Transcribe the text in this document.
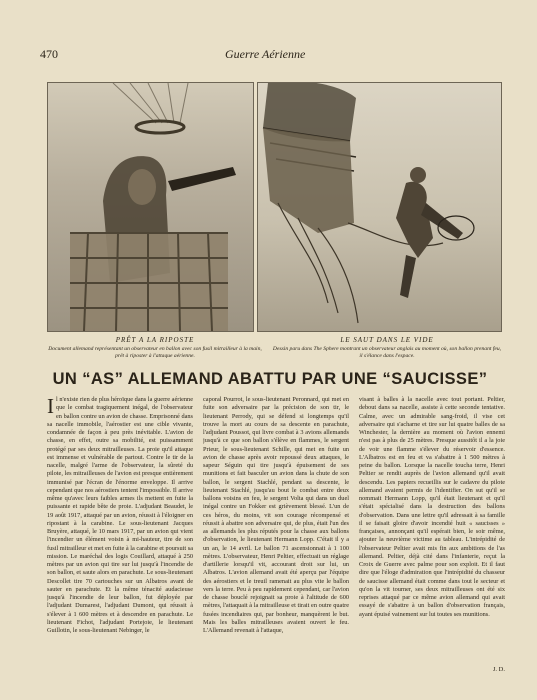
470	Guerre Aérienne
PRÊT A LA RIPOSTE
Document allemand représentant un observateur en ballon avec son fusil mitrailleur à la main, prêt à riposter à l'attaque aérienne.
LE SAUT DANS LE VIDE
Dessin paru dans The Sphere montrant un observateur anglais au moment où, son ballon prenant feu, il s'élance dans l'espace.
UN “AS” ALLEMAND ABATTU PAR UNE “SAUCISSE”
I l n'existe rien de plus héroïque dans la guerre aérienne que le combat tragiquement inégal, de l'observateur en ballon contre un avion de chasse. Emprisonné dans sa nacelle immobile, l'aérostier est une cible vivante, condamnée de façon à peu près inévitable. L'avion de chasse, en effet, outre sa mobilité, est puissamment protégé par ses deux mitrailleuses. La proie qu'il attaque est immense et vulnérable de partout. Contre le tir de la nacelle, malgré l'arme de l'observateur, la sûreté du pilote, les mitrailleuses de l'avion est presque entièrement immunisé par l'écran de l'énorme enveloppe. Il arrive cependant que nos aérostiers tentent l'impossible. Il arrive même qu'avec leurs faibles armes ils mettent en fuite la puissante et rapide bête de proie. L'adjudant Beaudet, le 19 août 1917, attaqué par un avion, réussit à l'éloigner en ripostant à la carabine. Le sous-lieutenant Jacques Bruyère, attaqué, le 10 mars 1917, par un avion qui vient l'incendier un élément voisin à mi-hauteur, tire de son fusil mitrailleur et met en fuite à la carabine et poursuit sa mission. Le maréchal des logis Couillard, attaqué à 250 mètres par un avion qui tire sur lui jusqu'à l'incendie de son ballon, et saute alors en parachute. Le sous-lieutenant Descollet tire 70 cartouches sur un Albatros avant de sauter en parachute. Et la même ténacité audacieuse jusqu'à l'incendie de leur ballon, fut déployée par l'adjudant Dumarest, l'adjudant Dumont, qui réussit à s'élever à 1 600 mètres et à descendre en parachute. Le lieutenant Fichot, l'adjudant Portejoie, le lieutenant Guillotin, le sous-lieutenant Nebinger, le
caporal Pourrot, le sous-lieutenant Peronnard, qui met en fuite son adversaire par la précision de son tir, le lieutenant Perrody, qui se défend si longtemps qu'il trouve la mort au cours de sa descente en parachute, l'adjudant Poussot, qui livre combat à 3 avions allemands jusqu'à ce que son ballon s'élève en flammes, le sergent Prieur, le sous-lieutenant Schille, qui met en fuite un avion de chasse après avoir repoussé deux attaques, le sapeur Séguin qui tire jusqu'à épuisement de ses munitions et fait basculer un avion dans la chute de son ballon, le sergent Stachlé, pendant sa descente, le lieutenant Stachlé, jusqu'au bout le combat entre deux ballons voisins en feu, le sergent Volta qui dans un duel inégal contre un Fokker est grièvement blessé. L'un de ces héros, du moins, vit son courage récompensé et réussit à abattre son adversaire qui, de plus, était l'un des as allemands les plus réputés pour la chasse aux ballons d'observation, le lieutenant Hermann Lopp. C'était il y a un an, le 14 avril. Le ballon 71 ascensionnait à 1 100 mètres. L'observateur, Henri Peltier, effectuait un réglage d'artillerie lorsqu'il vit, accourant droit sur lui, un Albatros. L'avion allemand avait été aperçu par l'équipe des aérostiers et le treuil ramenait au plus vite le ballon vers la terre. Peu à peu rapidement cependant, car l'avion de chasse bouclé rejoignait sa proie à l'altitude de 600 mètres, l'attaquait à la mitrailleuse et tirait en outre quatre fusées incendiaires qui, par bonheur, manquèrent le but. Mais les balles mitrailleuses avaient ouvert le feu. L'Allemand revenait à l'attaque,
visant à balles à la nacelle avec tout portant. Peltier, debout dans sa nacelle, assiste à cette seconde tentative. Calme, avec un admirable sang-froid, il vise cet adversaire qui s'acharne et tire sur lui quatre balles de sa Winchester, la dernière au moment où l'avion ennemi n'est pas à plus de 25 mètres. Presque aussitôt il a la joie de voir une flamme s'élever du réservoir d'essence. L'Albatros est en feu et va s'abattre à 1 500 mètres à peine du ballon. Lorsque la nacelle toucha terre, Henri Peltier se rendit auprès de l'avion allemand qu'il avait descendu. Les papiers recueillis sur le cadavre du pilote allemand avaient permis de l'identifier. On sut qu'il se nommait Hermann Lopp, qu'il était lieutenant et qu'il s'était spécialisé dans la destruction des ballons d'observation. Dans une lettre qu'il adressait à sa famille il se faisait gloire d'avoir incendié huit « saucisses » françaises, annonçant qu'il espérait bien, le soir même, ajouter la neuvième victime au tableau. L'intrépidité de l'observateur Peltier avait mis fin aux ambitions de l'as allemand. Peltier, déjà cité dans l'infanterie, reçut la Croix de Guerre avec palme pour son exploit. Et il faut dire que l'éloge d'admiration que l'intrépidité du chasseur de saucisse allemand était comme dans tout le secteur et qu'on la vit tourner, ses deux mitrailleuses ont été six reprises attaqué par ce même avion allemand qui avait essayé de s'abattre à un ballon d'observation français, ayant épuisé vainement sur lui toutes ses munitions.
J. D.
